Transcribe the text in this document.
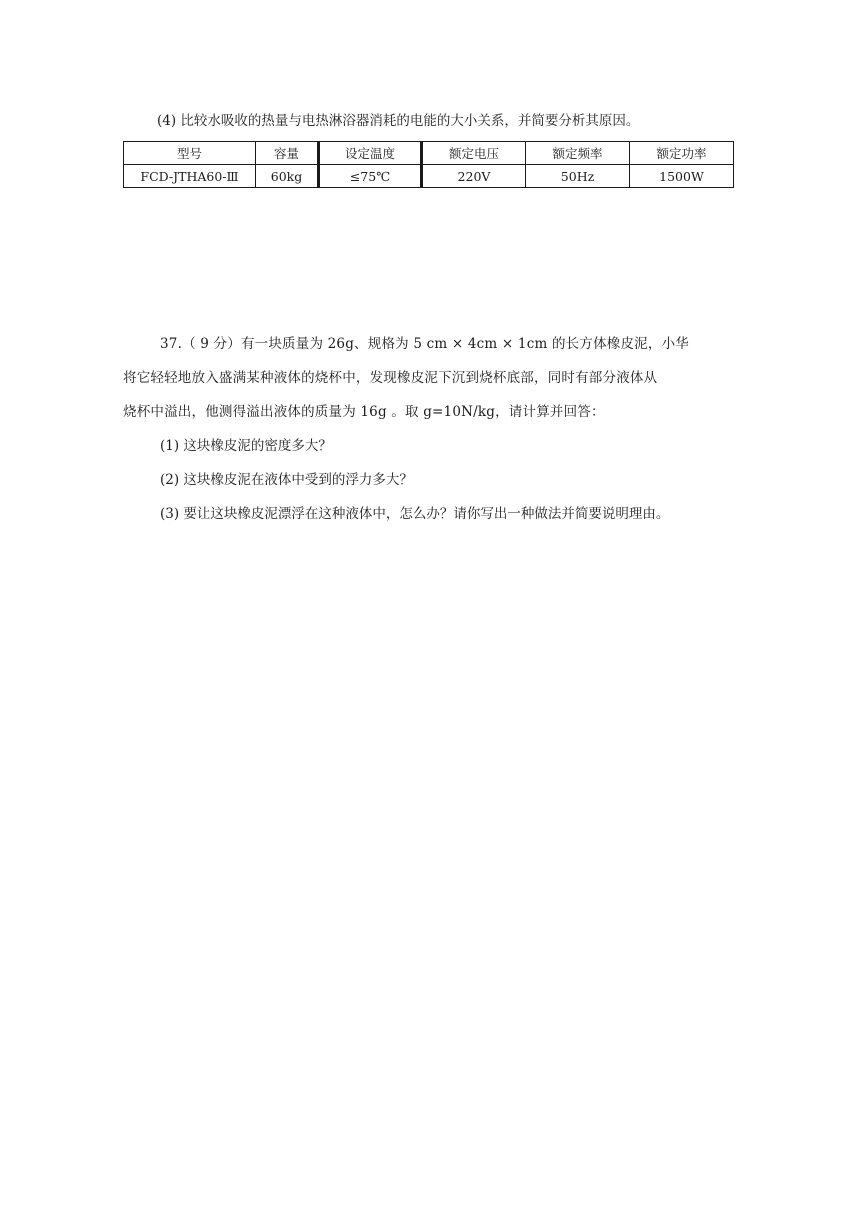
(4) 比较水吸收的热量与电热淋浴器消耗的电能的大小关系，并简要分析其原因。
型号	容量	设定温度	额定电压	额定频率	额定功率
FCD-JTHA60-Ⅲ	60kg	≤75℃	220V	50Hz	1500W
37.（ 9 分）有一块质量为 26g、规格为 5 cm × 4cm × 1cm 的长方体橡皮泥，小华
将它轻轻地放入盛满某种液体的烧杯中，发现橡皮泥下沉到烧杯底部，同时有部分液体从
烧杯中溢出，他测得溢出液体的质量为 16g 。取 g=10N/kg，请计算并回答：
(1) 这块橡皮泥的密度多大？
(2) 这块橡皮泥在液体中受到的浮力多大？
(3) 要让这块橡皮泥漂浮在这种液体中，怎么办？请你写出一种做法并简要说明理由。
